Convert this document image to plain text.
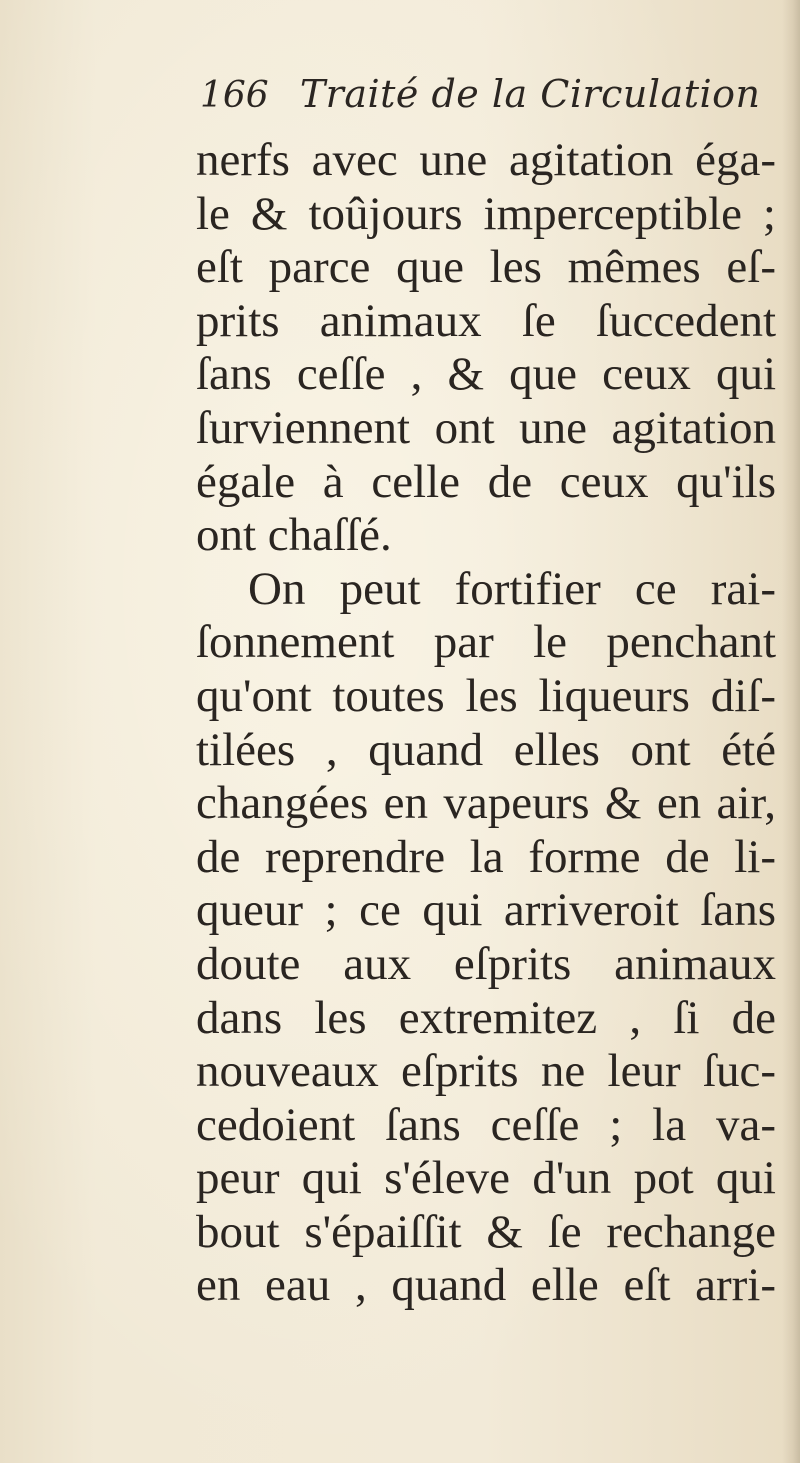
166 Traité de la Circulation
nerfs avec une agitation éga-
le & toûjours imperceptible ;
eſt parce que les mêmes eſ-
prits animaux ſe ſuccedent
ſans ceſſe , & que ceux qui
ſurviennent ont une agitation
égale à celle de ceux qu'ils
ont chaſſé.
On peut fortifier ce rai-
ſonnement par le penchant
qu'ont toutes les liqueurs diſ-
tilées , quand elles ont été
changées en vapeurs & en air,
de reprendre la forme de li-
queur ; ce qui arriveroit ſans
doute aux eſprits animaux
dans les extremitez , ſi de
nouveaux eſprits ne leur ſuc-
cedoient ſans ceſſe ; la va-
peur qui s'éleve d'un pot qui
bout s'épaiſſit & ſe rechange
en eau , quand elle eſt arri-
